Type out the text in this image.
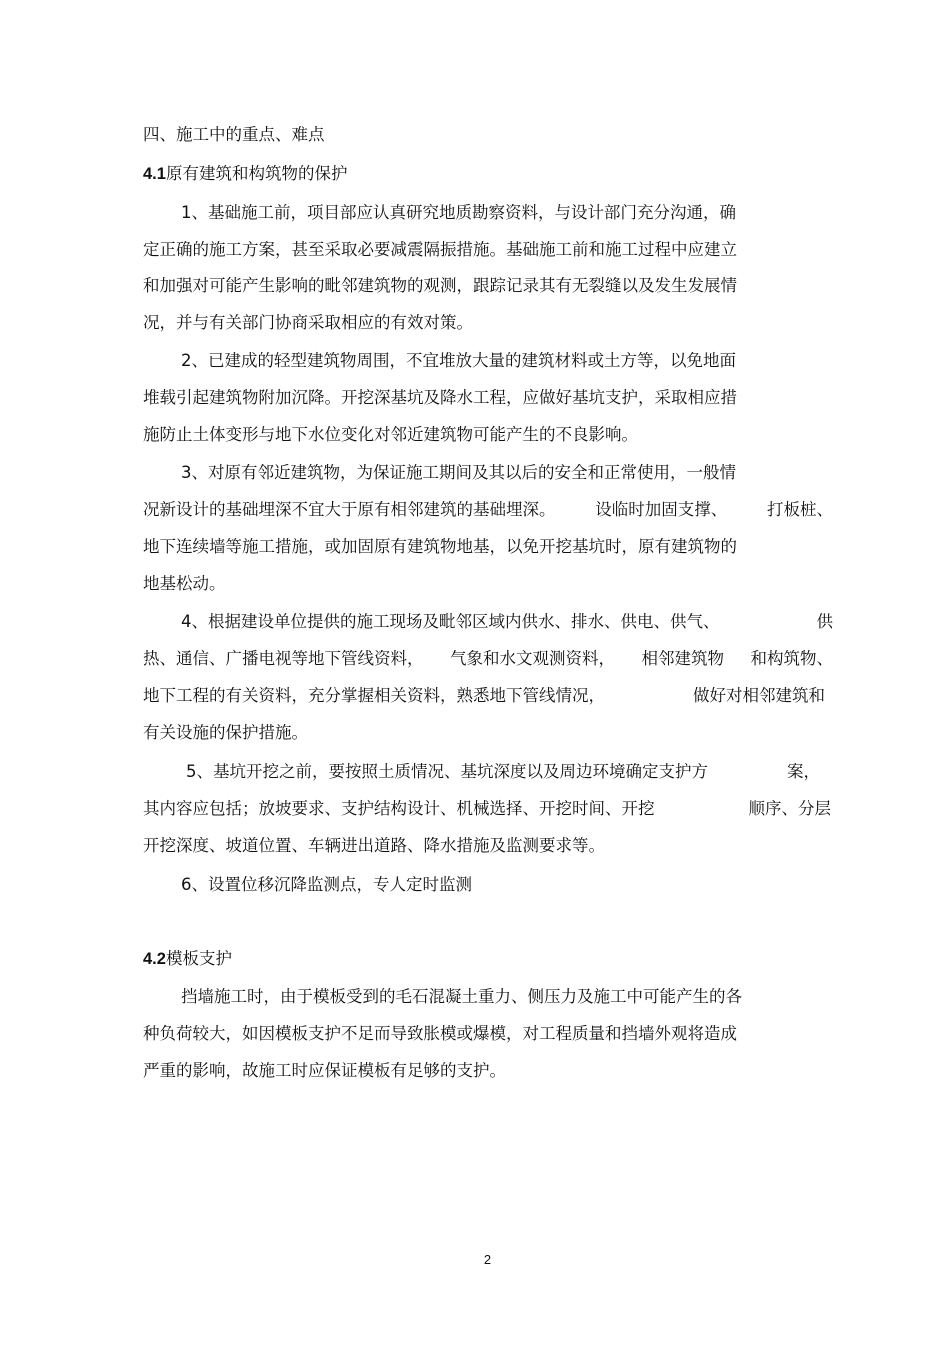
四、施工中的重点、难点

4.1原有建筑和构筑物的保护

1、基础施工前，项目部应认真研究地质勘察资料，与设计部门充分沟通，确

定正确的施工方案，甚至采取必要减震隔振措施。基础施工前和施工过程中应建立

和加强对可能产生影响的毗邻建筑物的观测，跟踪记录其有无裂缝以及发生发展情

况，并与有关部门协商采取相应的有效对策。

2、已建成的轻型建筑物周围，不宜堆放大量的建筑材料或土方等，以免地面

堆载引起建筑物附加沉降。开挖深基坑及降水工程，应做好基坑支护，采取相应措

施防止土体变形与地下水位变化对邻近建筑物可能产生的不良影响。

3、对原有邻近建筑物，为保证施工期间及其以后的安全和正常使用，一般情

况新设计的基础埋深不宜大于原有相邻建筑的基础埋深。 设临时加固支撑、 打板桩、

地下连续墙等施工措施，或加固原有建筑物地基，以免开挖基坑时，原有建筑物的

地基松动。

4、根据建设单位提供的施工现场及毗邻区域内供水、排水、供电、供气、	供
热、通信、广播电视等地下管线资料， 气象和水文观测资料， 相邻建筑物 和构筑物、
地下工程的有关资料，充分掌握相关资料，熟悉地下管线情况，	做好对相邻建筑和

有关设施的保护措施。

5、基坑开挖之前，要按照土质情况、基坑深度以及周边环境确定支护方	案，
其内容应包括；放坡要求、支护结构设计、机械选择、开挖时间、开挖	顺序、分层

开挖深度、坡道位置、车辆进出道路、降水措施及监测要求等。

6、设置位移沉降监测点，专人定时监测

4.2模板支护

挡墙施工时，由于模板受到的毛石混凝土重力、侧压力及施工中可能产生的各

种负荷较大，如因模板支护不足而导致胀模或爆模，对工程质量和挡墙外观将造成

严重的影响，故施工时应保证模板有足够的支护。

2
